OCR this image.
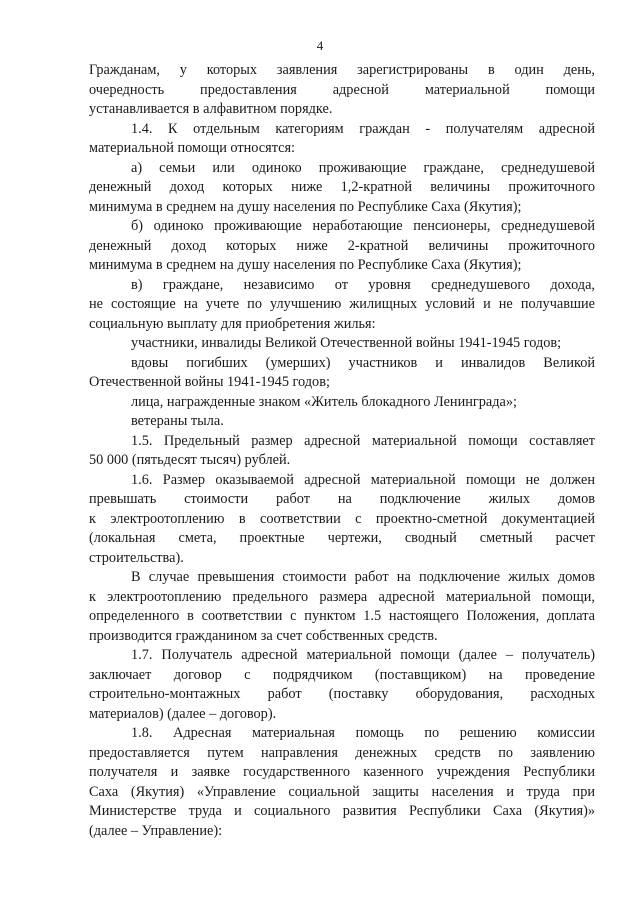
4
Гражданам, у которых заявления зарегистрированы в один день,
очередность предоставления адресной материальной помощи
устанавливается в алфавитном порядке.
1.4. К отдельным категориям граждан - получателям адресной
материальной помощи относятся:
а) семьи или одиноко проживающие граждане, среднедушевой
денежный доход которых ниже 1,2-кратной величины прожиточного
минимума в среднем на душу населения по Республике Саха (Якутия);
б) одиноко проживающие неработающие пенсионеры, среднедушевой
денежный доход которых ниже 2-кратной величины прожиточного
минимума в среднем на душу населения по Республике Саха (Якутия);
в) граждане, независимо от уровня среднедушевого дохода,
не состоящие на учете по улучшению жилищных условий и не получавшие
социальную выплату для приобретения жилья:
участники, инвалиды Великой Отечественной войны 1941-1945 годов;
вдовы погибших (умерших) участников и инвалидов Великой
Отечественной войны 1941-1945 годов;
лица, награжденные знаком «Житель блокадного Ленинграда»;
ветераны тыла.
1.5. Предельный размер адресной материальной помощи составляет
50 000 (пятьдесят тысяч) рублей.
1.6. Размер оказываемой адресной материальной помощи не должен
превышать стоимости работ на подключение жилых домов
к электроотоплению в соответствии с проектно-сметной документацией
(локальная смета, проектные чертежи, сводный сметный расчет
строительства).
В случае превышения стоимости работ на подключение жилых домов
к электроотоплению предельного размера адресной материальной помощи,
определенного в соответствии с пунктом 1.5 настоящего Положения, доплата
производится гражданином за счет собственных средств.
1.7. Получатель адресной материальной помощи (далее – получатель)
заключает договор с подрядчиком (поставщиком) на проведение
строительно-монтажных работ (поставку оборудования, расходных
материалов) (далее – договор).
1.8. Адресная материальная помощь по решению комиссии
предоставляется путем направления денежных средств по заявлению
получателя и заявке государственного казенного учреждения Республики
Саха (Якутия) «Управление социальной защиты населения и труда при
Министерстве труда и социального развития Республики Саха (Якутия)»
(далее – Управление):
